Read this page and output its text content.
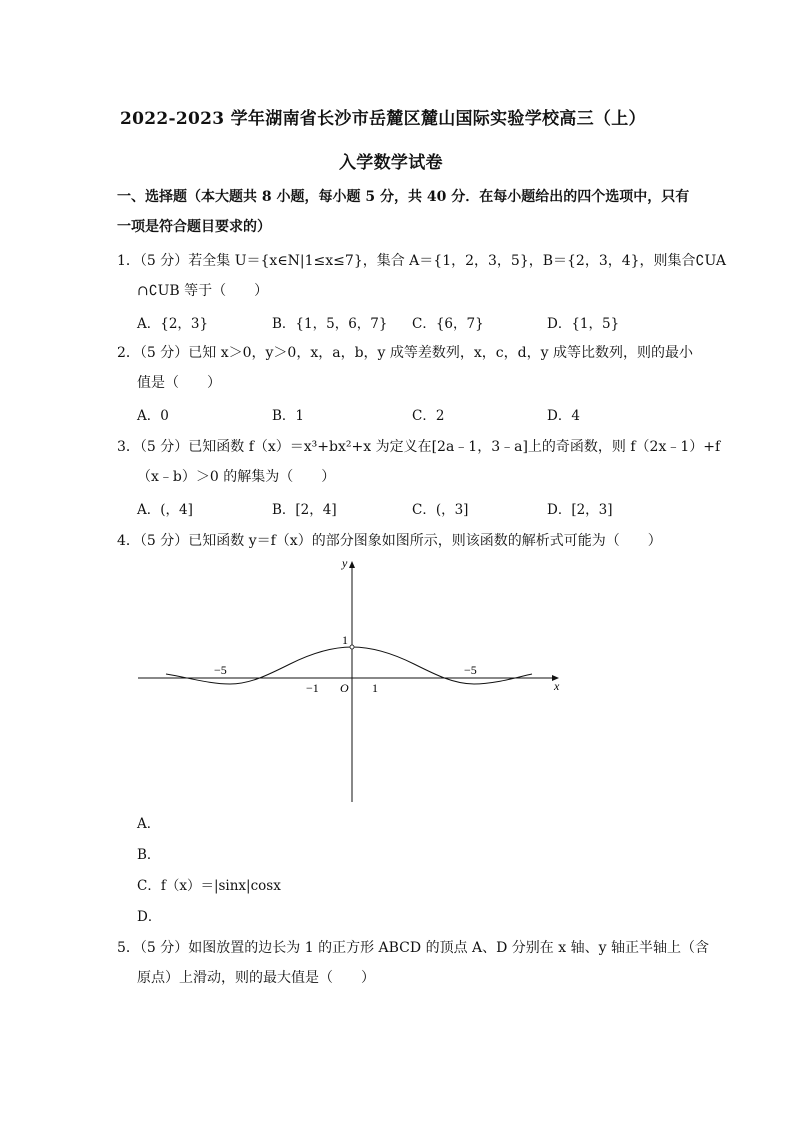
2022-2023 学年湖南省长沙市岳麓区麓山国际实验学校高三（上）
入学数学试卷
一、选择题（本大题共 8 小题，每小题 5 分，共 40 分．在每小题给出的四个选项中，只有
一项是符合题目要求的）
1．（5 分）若全集 U＝{x∈N|1≤x≤7}，集合 A＝{1，2，3，5}，B＝{2，3，4}，则集合∁UA
∩∁UB 等于（　　）
A．{2，3}	B．{1，5，6，7} C．{6，7}	D．{1，5}
2．（5 分）已知 x＞0，y＞0，x，a，b，y 成等差数列，x，c，d，y 成等比数列，则的最小
值是（　　）
A．0	B．1	C．2	D．4
3．（5 分）已知函数 f（x）＝x³+bx²+x 为定义在[2a﹣1，3﹣a]上的奇函数，则 f（2x﹣1）+f
（x﹣b）＞0 的解集为（　　）
A．(，4]	B．[2，4]	C．(，3]	D．[2，3]
4．（5 分）已知函数 y＝f（x）的部分图象如图所示，则该函数的解析式可能为（　　）
y
x
O 1
−1
1
−5	−5
A．
B．
C．f（x）＝|sinx|cosx
D．
5．（5 分）如图放置的边长为 1 的正方形 ABCD 的顶点 A、D 分别在 x 轴、y 轴正半轴上（含
原点）上滑动，则的最大值是（　　）
